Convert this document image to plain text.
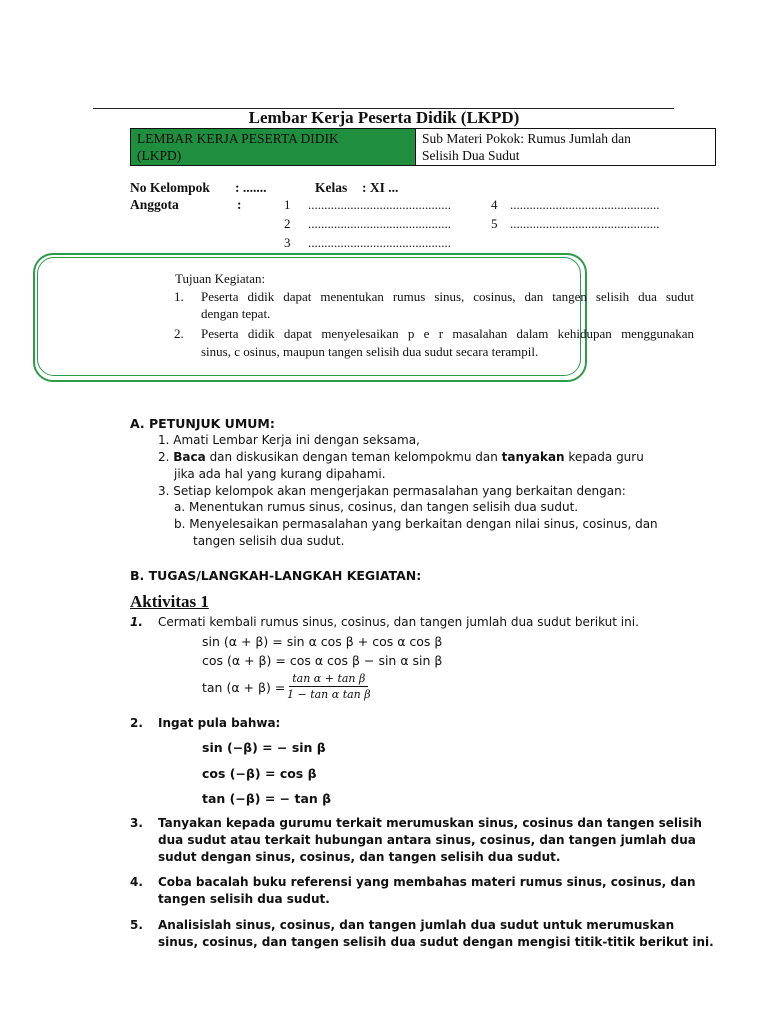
Lembar Kerja Peserta Didik (LKPD)
LEMBAR KERJA PESERTA DIDIK
(LKPD)
Sub Materi Pokok: Rumus Jumlah dan
Selisih Dua Sudut
No Kelompok : .......	Kelas : XI ...
Anggota	:	1 ............................................
2 ............................................
3 ............................................
4 ..............................................
5 ..............................................
Tujuan Kegiatan:
1. Peserta didik dapat menentukan rumus sinus, cosinus, dan tangen selisih dua sudut
dengan tepat.
2. Peserta didik dapat menyelesaikan p e r masalahan dalam kehidupan menggunakan
sinus, c osinus, maupun tangen selisih dua sudut secara terampil.
A. PETUNJUK UMUM:
1. Amati Lembar Kerja ini dengan seksama,
2. Baca dan diskusikan dengan teman kelompokmu dan tanyakan kepada guru
jika ada hal yang kurang dipahami.
3. Setiap kelompok akan mengerjakan permasalahan yang berkaitan dengan:
a. Menentukan rumus sinus, cosinus, dan tangen selisih dua sudut.
b. Menyelesaikan permasalahan yang berkaitan dengan nilai sinus, cosinus, dan
tangen selisih dua sudut.
B. TUGAS/LANGKAH-LANGKAH KEGIATAN:
Aktivitas 1
1. Cermati kembali rumus sinus, cosinus, dan tangen jumlah dua sudut berikut ini.
sin (α + β) = sin α cos β + cos α cos β
cos (α + β) = cos α cos β − sin α sin β
tan (α + β) =
$\frac{\text{tan α + tan β}}{\text{1 − tan α tan β}}$
2. Ingat pula bahwa:
sin (−β) = − sin β
cos (−β) = cos β
tan (−β) = − tan β
3. Tanyakan kepada gurumu terkait merumuskan sinus, cosinus dan tangen selisih
dua sudut atau terkait hubungan antara sinus, cosinus, dan tangen jumlah dua
sudut dengan sinus, cosinus, dan tangen selisih dua sudut.
4. Coba bacalah buku referensi yang membahas materi rumus sinus, cosinus, dan
tangen selisih dua sudut.
5. Analisislah sinus, cosinus, dan tangen jumlah dua sudut untuk merumuskan
sinus, cosinus, dan tangen selisih dua sudut dengan mengisi titik-titik berikut ini.
